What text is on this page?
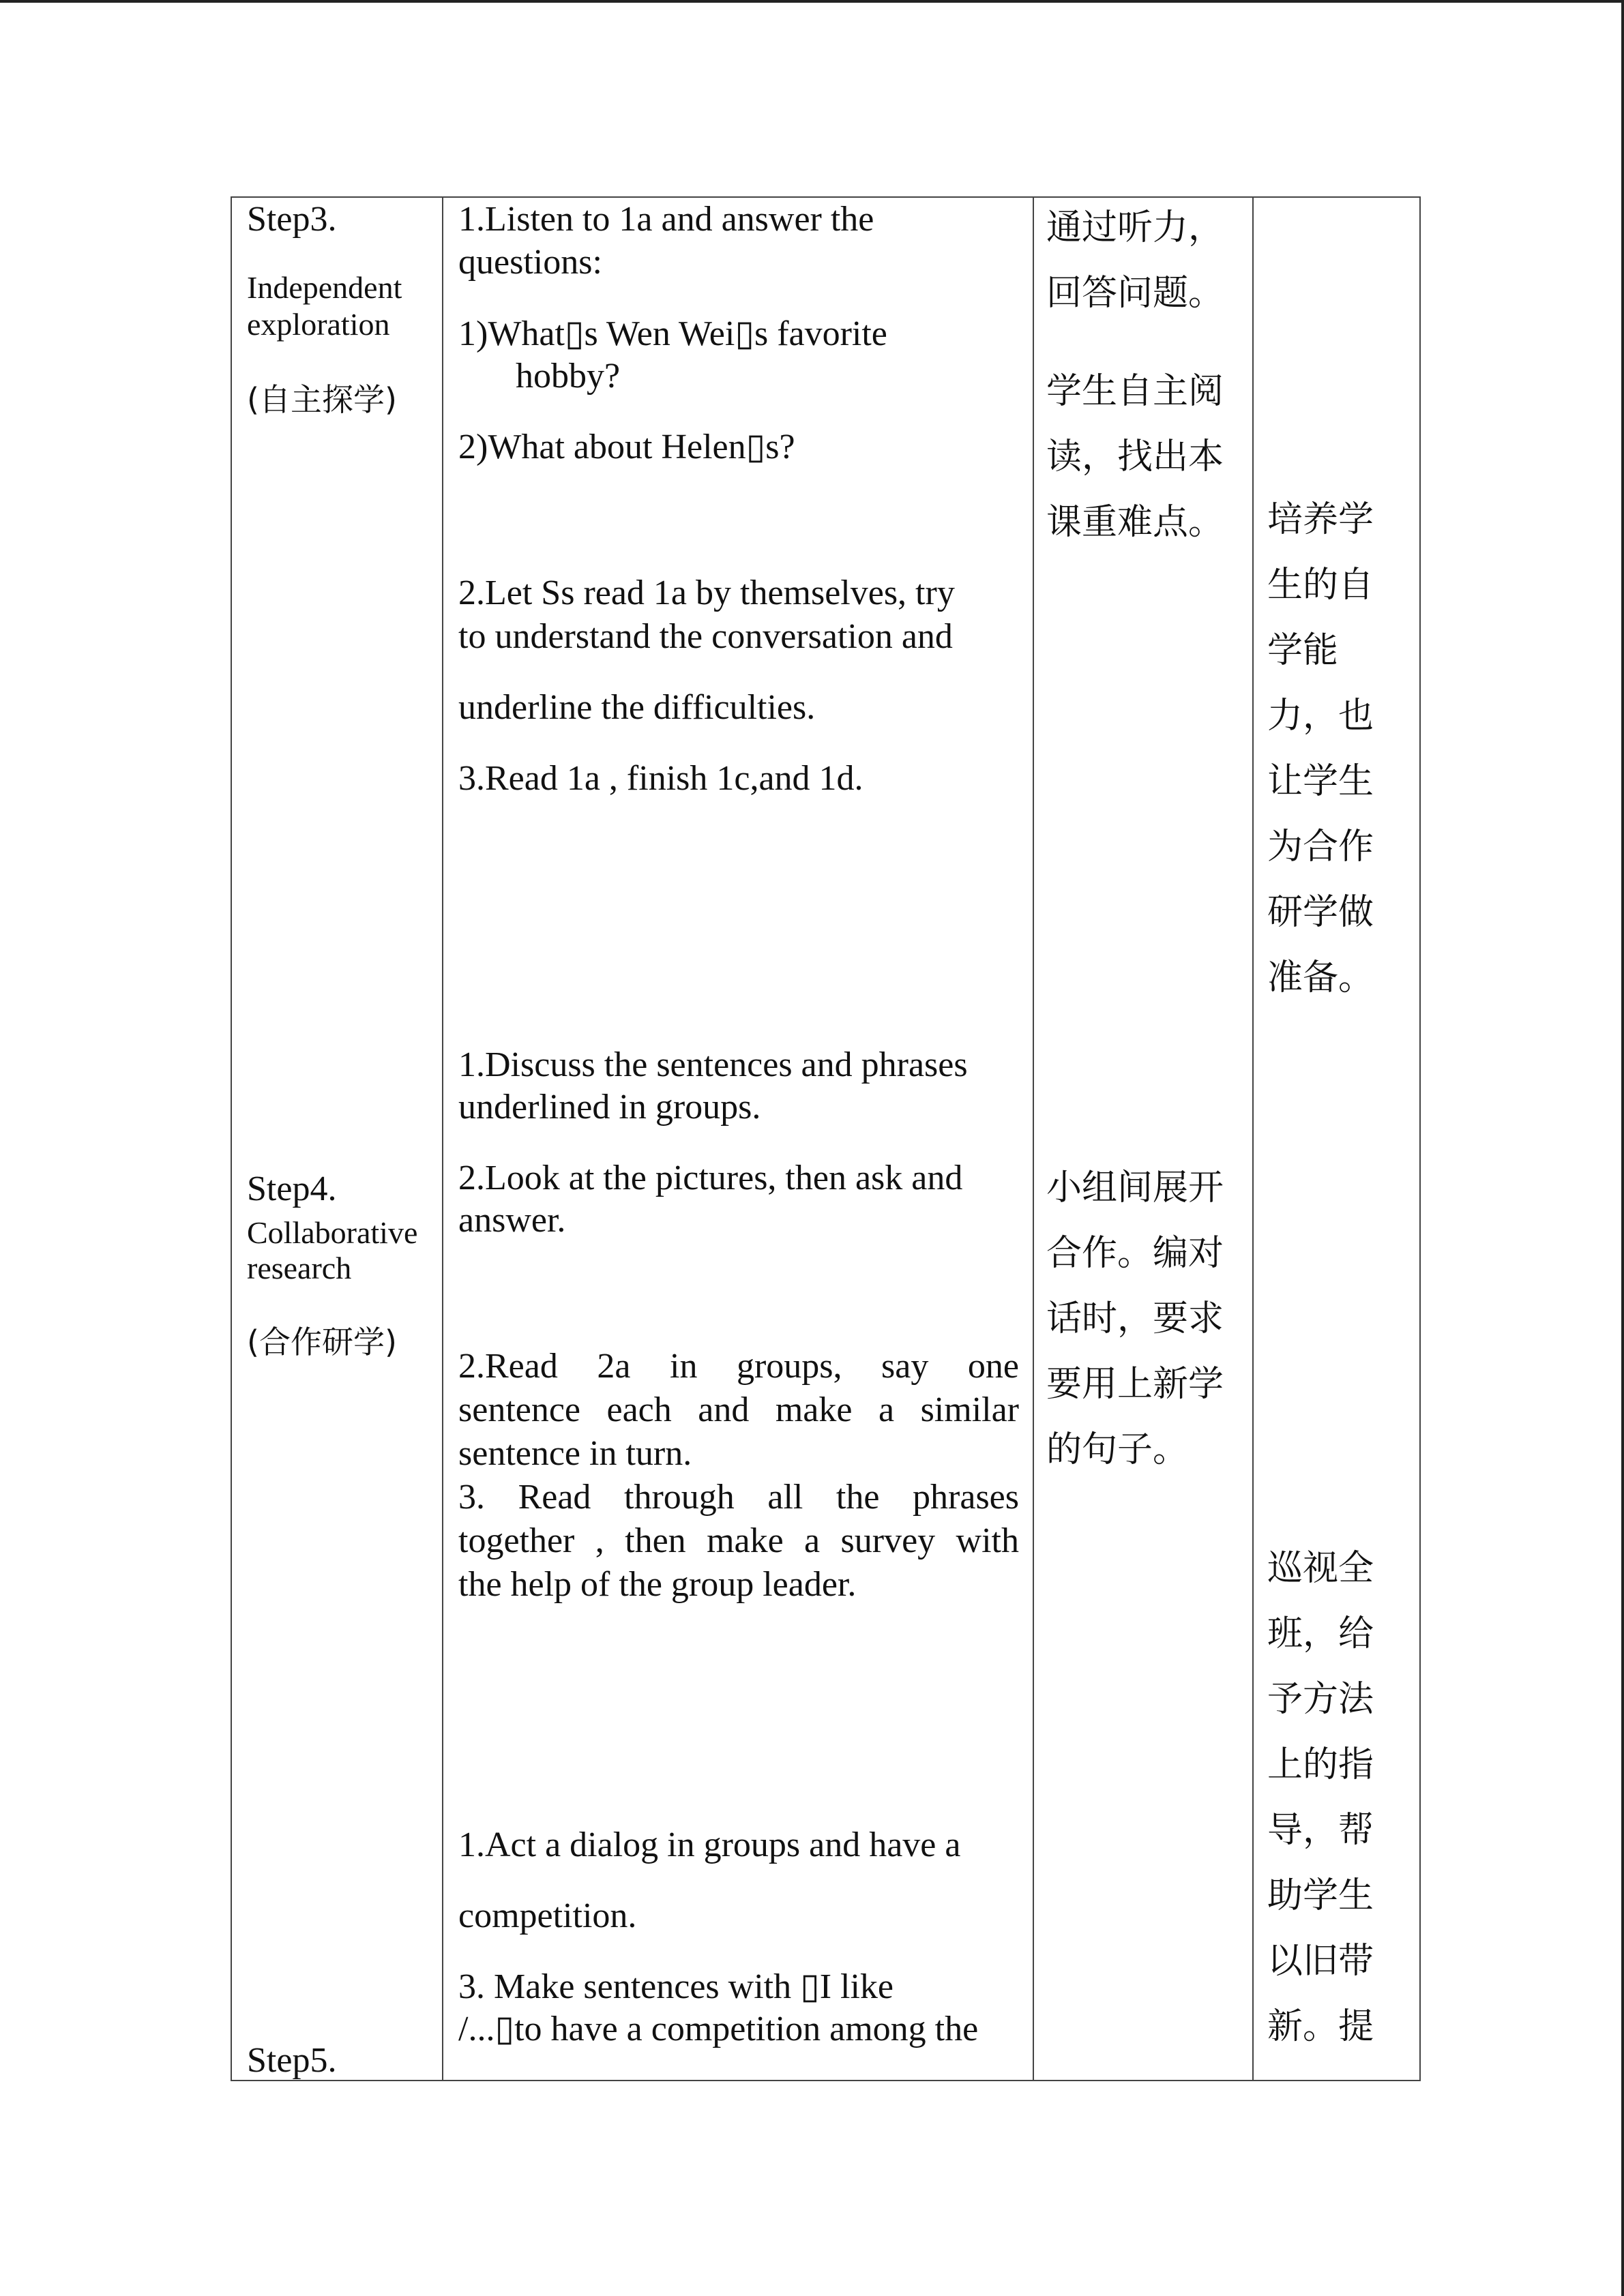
Step3.
Independent
exploration
(自主探学)
Step4.
Collaborative
research
(合作研学)
Step5.
1.Listen to 1a and answer the
questions:
1)What▯s Wen Wei▯s favorite
hobby?
2)What about Helen▯s?
2.Let Ss read 1a by themselves, try
to understand the conversation and
underline the difficulties.
3.Read 1a , finish 1c,and 1d.
1.Discuss the sentences and phrases
underlined in groups.
2.Look at the pictures, then ask and
answer.
2.Read 2a in groups, say one
sentence each and make a similar
sentence in turn.
3. Read through all the phrases
together , then make a survey with
the help of the group leader.
1.Act a dialog in groups and have a
competition.
3. Make sentences with ▯I like
/...▯to have a competition among the
通过听力，
回答问题。
学生自主阅
读，找出本
课重难点。
小组间展开
合作。编对
话时，要求
要用上新学
的句子。
培养学
生的自
学能
力，也
让学生
为合作
研学做
准备。
巡视全
班，给
予方法
上的指
导，帮
助学生
以旧带
新。提
